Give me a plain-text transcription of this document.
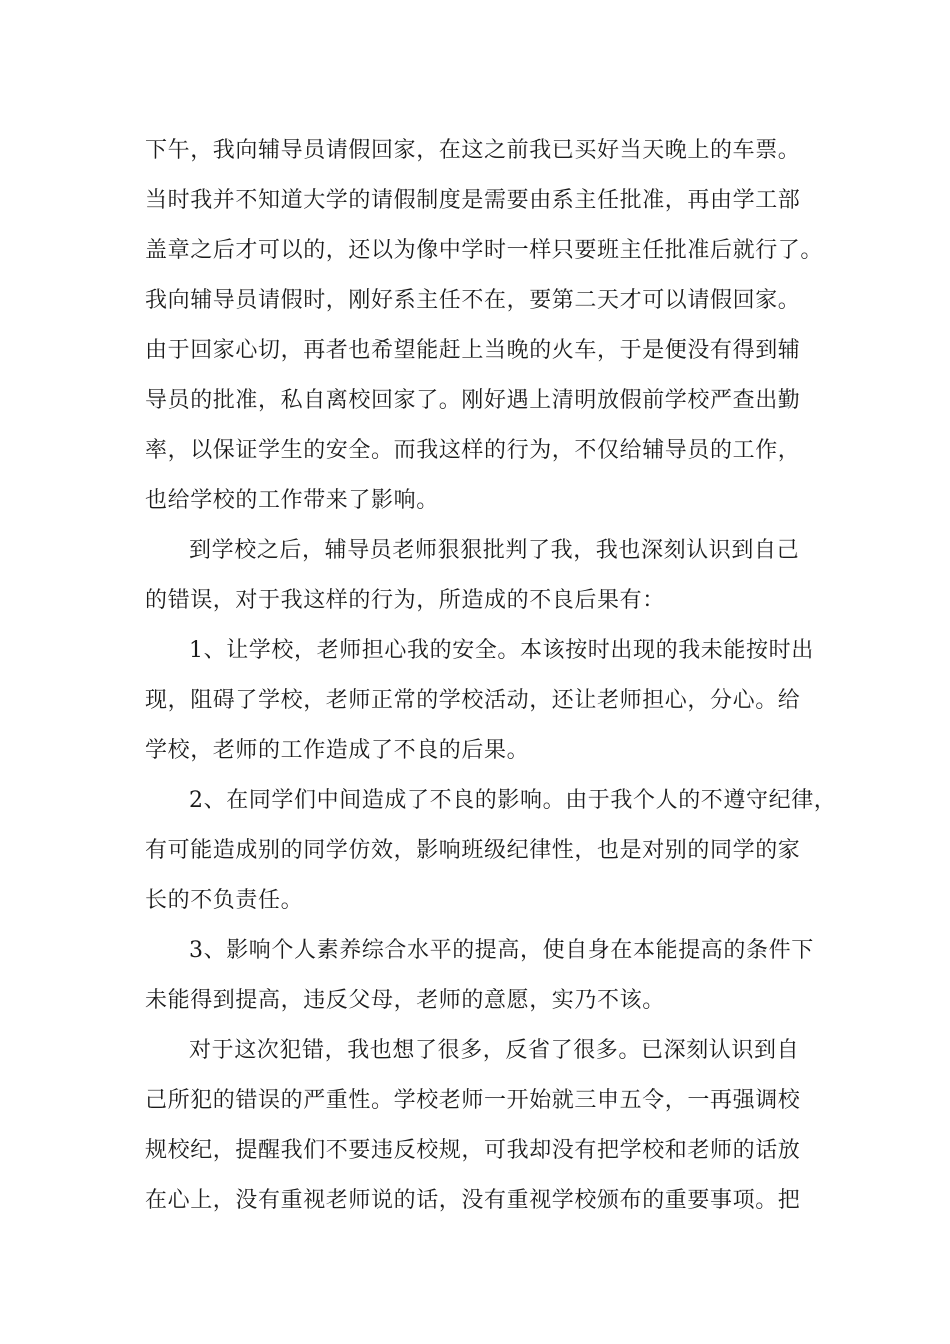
下午，我向辅导员请假回家，在这之前我已买好当天晚上的车票。
当时我并不知道大学的请假制度是需要由系主任批准，再由学工部
盖章之后才可以的，还以为像中学时一样只要班主任批准后就行了。
我向辅导员请假时，刚好系主任不在，要第二天才可以请假回家。
由于回家心切，再者也希望能赶上当晚的火车，于是便没有得到辅
导员的批准，私自离校回家了。刚好遇上清明放假前学校严查出勤
率，以保证学生的安全。而我这样的行为，不仅给辅导员的工作，
也给学校的工作带来了影响。
到学校之后，辅导员老师狠狠批判了我，我也深刻认识到自己
的错误，对于我这样的行为，所造成的不良后果有：
1、让学校，老师担心我的安全。本该按时出现的我未能按时出
现，阻碍了学校，老师正常的学校活动，还让老师担心，分心。给
学校，老师的工作造成了不良的后果。
2、在同学们中间造成了不良的影响。由于我个人的不遵守纪律，
有可能造成别的同学仿效，影响班级纪律性，也是对别的同学的家
长的不负责任。
3、影响个人素养综合水平的提高，使自身在本能提高的条件下
未能得到提高，违反父母，老师的意愿，实乃不该。
对于这次犯错，我也想了很多，反省了很多。已深刻认识到自
己所犯的错误的严重性。学校老师一开始就三申五令，一再强调校
规校纪，提醒我们不要违反校规，可我却没有把学校和老师的话放
在心上，没有重视老师说的话，没有重视学校颁布的重要事项。把
